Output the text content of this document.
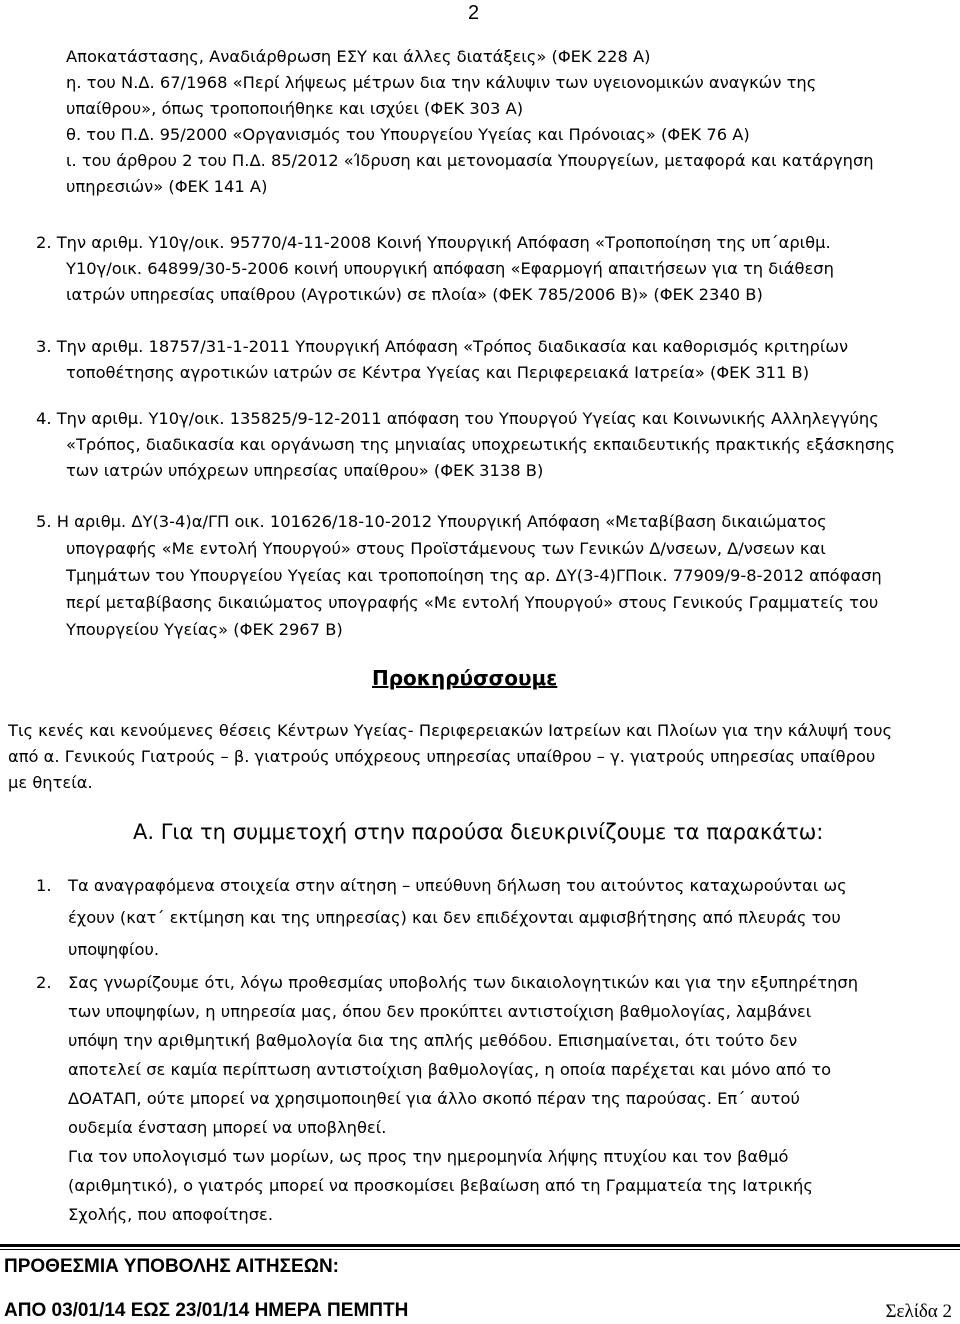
2
Αποκατάστασης, Αναδιάρθρωση ΕΣΥ και άλλες διατάξεις» (ΦΕΚ 228 Α)
η. του Ν.Δ. 67/1968 «Περί λήψεως μέτρων δια την κάλυψιν των υγειονομικών αναγκών της
υπαίθρου», όπως τροποποιήθηκε και ισχύει (ΦΕΚ 303 Α)
θ. του Π.Δ. 95/2000 «Οργανισμός του Υπουργείου Υγείας και Πρόνοιας» (ΦΕΚ 76 Α)
ι. του άρθρου 2 του Π.Δ. 85/2012 «Ίδρυση και μετονομασία Υπουργείων, μεταφορά και κατάργηση
υπηρεσιών» (ΦΕΚ 141 Α)
2. Την αριθμ. Υ10γ/οικ. 95770/4-11-2008 Κοινή Υπουργική Απόφαση «Τροποποίηση της υπ΄αριθμ.
Υ10γ/οικ. 64899/30-5-2006 κοινή υπουργική απόφαση «Εφαρμογή απαιτήσεων για τη διάθεση
ιατρών υπηρεσίας υπαίθρου (Αγροτικών) σε πλοία» (ΦΕΚ 785/2006 Β)» (ΦΕΚ 2340 Β)
3. Την αριθμ. 18757/31-1-2011 Υπουργική Απόφαση «Τρόπος διαδικασία και καθορισμός κριτηρίων
τοποθέτησης αγροτικών ιατρών σε Κέντρα Υγείας και Περιφερειακά Ιατρεία» (ΦΕΚ 311 Β)
4. Την αριθμ. Υ10γ/οικ. 135825/9-12-2011 απόφαση του Υπουργού Υγείας και Κοινωνικής Αλληλεγγύης
«Τρόπος, διαδικασία και οργάνωση της μηνιαίας υποχρεωτικής εκπαιδευτικής πρακτικής εξάσκησης
των ιατρών υπόχρεων υπηρεσίας υπαίθρου» (ΦΕΚ 3138 Β)
5. Η αριθμ. ΔΥ(3-4)α/ΓΠ οικ. 101626/18-10-2012 Υπουργική Απόφαση «Μεταβίβαση δικαιώματος
υπογραφής «Με εντολή Υπουργού» στους Προϊστάμενους των Γενικών Δ/νσεων, Δ/νσεων και
Τμημάτων του Υπουργείου Υγείας και τροποποίηση της αρ. ΔΥ(3-4)ΓΠοικ. 77909/9-8-2012 απόφαση
περί μεταβίβασης δικαιώματος υπογραφής «Με εντολή Υπουργού» στους Γενικούς Γραμματείς του
Υπουργείου Υγείας» (ΦΕΚ 2967 Β)
Προκηρύσσουμε
Τις κενές και κενούμενες θέσεις Κέντρων Υγείας- Περιφερειακών Ιατρείων και Πλοίων για την κάλυψή τους
από α. Γενικούς Γιατρούς – β. γιατρούς υπόχρεους υπηρεσίας υπαίθρου – γ. γιατρούς υπηρεσίας υπαίθρου
με θητεία.
Α. Για τη συμμετοχή στην παρούσα διευκρινίζουμε τα παρακάτω:
1.	Τα αναγραφόμενα στοιχεία στην αίτηση – υπεύθυνη δήλωση του αιτούντος καταχωρούνται ως
έχουν (κατ΄ εκτίμηση και της υπηρεσίας) και δεν επιδέχονται αμφισβήτησης από πλευράς του
υποψηφίου.
2.	Σας γνωρίζουμε ότι, λόγω προθεσμίας υποβολής των δικαιολογητικών και για την εξυπηρέτηση
των υποψηφίων, η υπηρεσία μας, όπου δεν προκύπτει αντιστοίχιση βαθμολογίας, λαμβάνει
υπόψη την αριθμητική βαθμολογία δια της απλής μεθόδου. Επισημαίνεται, ότι τούτο δεν
αποτελεί σε καμία περίπτωση αντιστοίχιση βαθμολογίας, η οποία παρέχεται και μόνο από το
ΔΟΑΤΑΠ, ούτε μπορεί να χρησιμοποιηθεί για άλλο σκοπό πέραν της παρούσας. Επ΄ αυτού
ουδεμία ένσταση μπορεί να υποβληθεί.
Για τον υπολογισμό των μορίων, ως προς την ημερομηνία λήψης πτυχίου και τον βαθμό
(αριθμητικό), ο γιατρός μπορεί να προσκομίσει βεβαίωση από τη Γραμματεία της Ιατρικής
Σχολής, που αποφοίτησε.
ΠΡΟΘΕΣΜΙΑ ΥΠΟΒΟΛΗΣ ΑΙΤΗΣΕΩΝ:
ΑΠΟ 03/01/14 ΕΩΣ 23/01/14 ΗΜΕΡΑ ΠΕΜΠΤΗ	Σελίδα 2
